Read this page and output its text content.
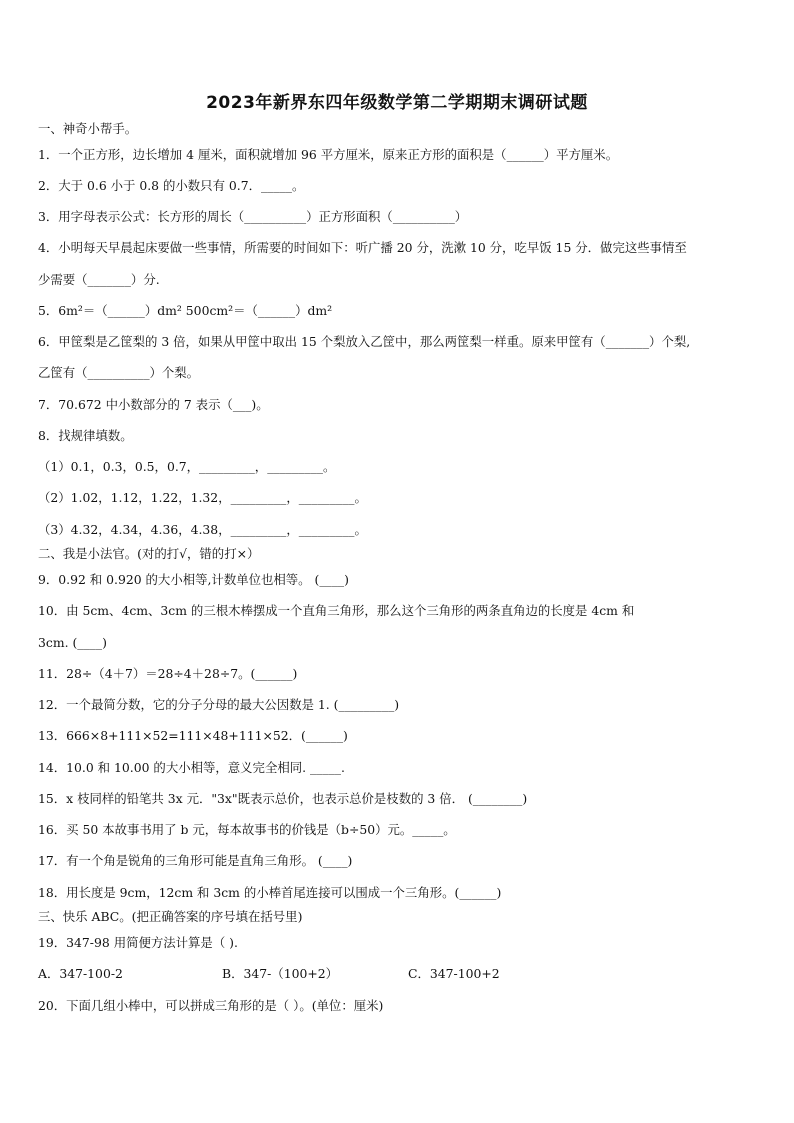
2023年新界东四年级数学第二学期期末调研试题
一、神奇小帮手。
1．一个正方形，边长增加 4 厘米，面积就增加 96 平方厘米，原来正方形的面积是（______）平方厘米。
2．大于 0.6 小于 0.8 的小数只有 0.7．_____。
3．用字母表示公式：长方形的周长（__________）正方形面积（__________）
4．小明每天早晨起床要做一些事情，所需要的时间如下：听广播 20 分，洗漱 10 分，吃早饭 15 分．做完这些事情至
少需要（_______）分.
5．6m²＝（______）dm² 500cm²＝（______）dm²
6．甲筐梨是乙筐梨的 3 倍，如果从甲筐中取出 15 个梨放入乙筐中，那么两筐梨一样重。原来甲筐有（_______）个梨,
乙筐有（__________）个梨。
7．70.672 中小数部分的 7 表示（___)。
8．找规律填数。
（1）0.1，0.3，0.5，0.7，_________，_________。
（2）1.02，1.12，1.22，1.32，_________，_________。
（3）4.32，4.34，4.36，4.38，_________，_________。
二、我是小法官。(对的打√，错的打×）
9．0.92 和 0.920 的大小相等,计数单位也相等。 (____)
10．由 5cm、4cm、3cm 的三根木棒摆成一个直角三角形，那么这个三角形的两条直角边的长度是 4cm 和
3cm. (____)
11．28÷（4＋7）＝28÷4＋28÷7。(______)
12．一个最简分数，它的分子分母的最大公因数是 1. (_________)
13．666×8+111×52=111×48+111×52．(______)
14．10.0 和 10.00 的大小相等，意义完全相同. _____.
15．x 枝同样的铅笔共 3x 元．"3x"既表示总价，也表示总价是枝数的 3 倍． (________)
16．买 50 本故事书用了 b 元，每本故事书的价钱是（b÷50）元。_____。
17．有一个角是锐角的三角形可能是直角三角形。 (____)
18．用长度是 9cm，12cm 和 3cm 的小棒首尾连接可以围成一个三角形。(______)
三、快乐 ABC。(把正确答案的序号填在括号里)
19．347-98 用简便方法计算是（ ).
A．347-100-2	B．347-（100+2）	C．347-100+2
20．下面几组小棒中，可以拼成三角形的是（ ）。(单位：厘米)
